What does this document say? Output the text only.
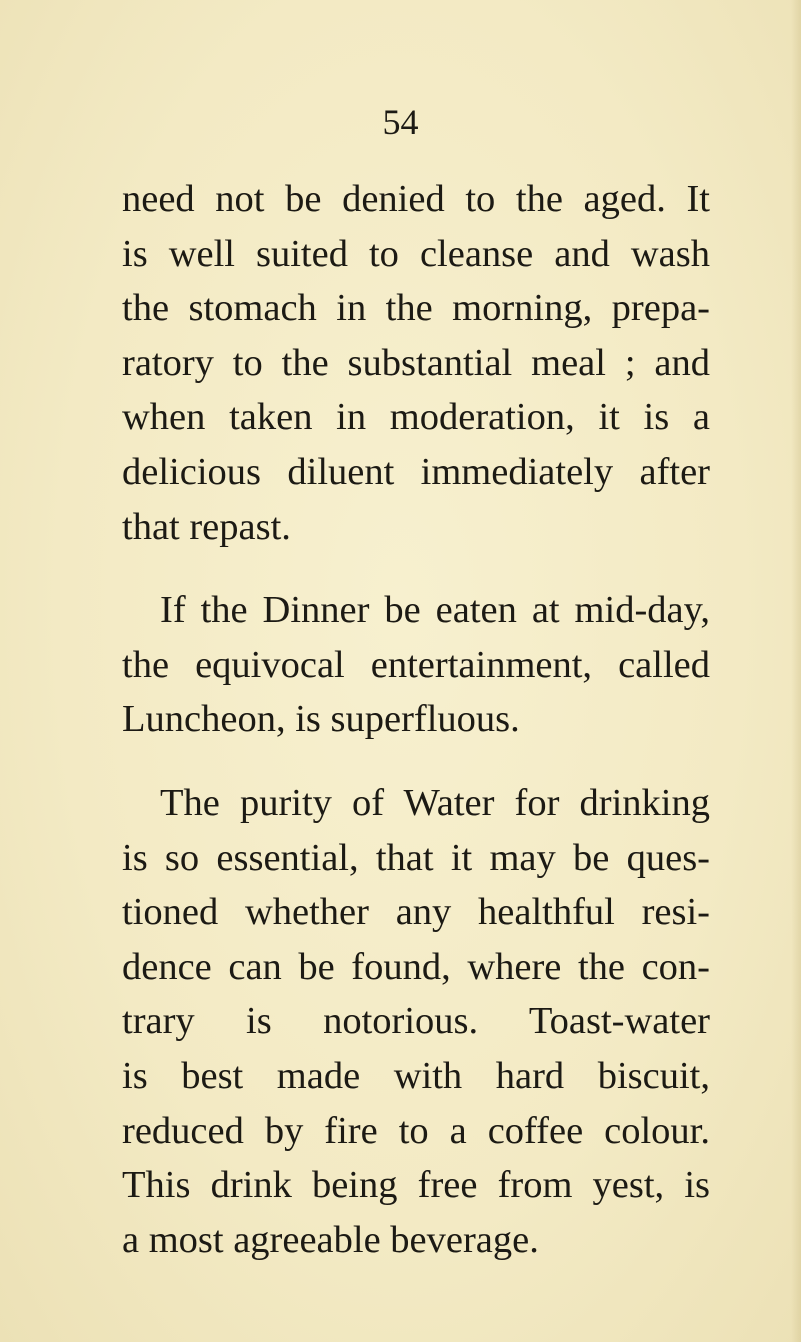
54
need not be denied to the aged. It
is well suited to cleanse and wash
the stomach in the morning, prepa-
ratory to the substantial meal ; and
when taken in moderation, it is a
delicious diluent immediately after
that repast.
If the Dinner be eaten at mid-day,
the equivocal entertainment, called
Luncheon, is superfluous.
The purity of Water for drinking
is so essential, that it may be ques-
tioned whether any healthful resi-
dence can be found, where the con-
trary is notorious. Toast-water
is best made with hard biscuit,
reduced by fire to a coffee colour.
This drink being free from yest, is
a most agreeable beverage.
